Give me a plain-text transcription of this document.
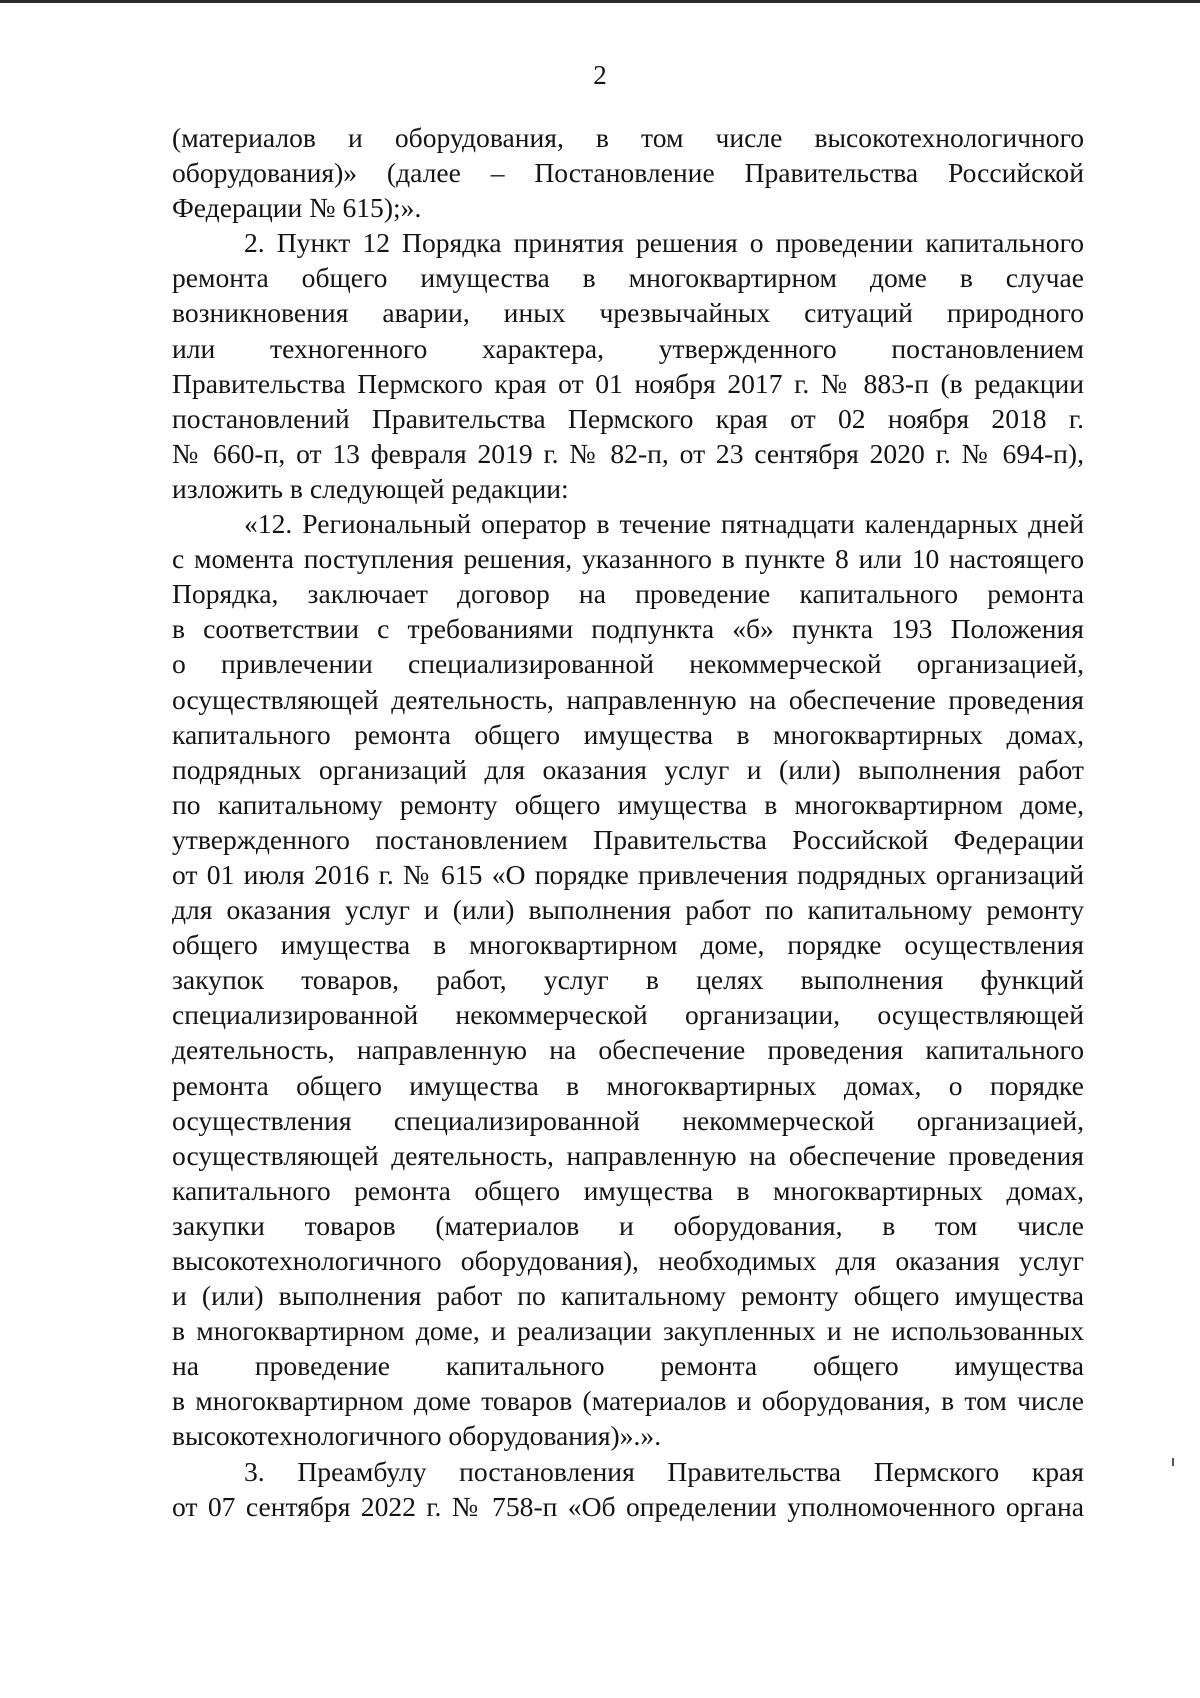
2

(материалов и оборудования, в том числе высокотехнологичного

оборудования)» (далее – Постановление Правительства Российской

Федерации № 615);».

2. Пункт 12 Порядка принятия решения о проведении капитального

ремонта общего имущества в многоквартирном доме в случае

возникновения аварии, иных чрезвычайных ситуаций природного

или техногенного характера, утвержденного постановлением

Правительства Пермского края от 01 ноября 2017 г. № 883-п (в редакции

постановлений Правительства Пермского края от 02 ноября 2018 г.

№ 660-п, от 13 февраля 2019 г. № 82-п, от 23 сентября 2020 г. № 694-п),

изложить в следующей редакции:

«12. Региональный оператор в течение пятнадцати календарных дней

с момента поступления решения, указанного в пункте 8 или 10 настоящего

Порядка, заключает договор на проведение капитального ремонта

в соответствии с требованиями подпункта «б» пункта 193 Положения

о привлечении специализированной некоммерческой организацией,

осуществляющей деятельность, направленную на обеспечение проведения

капитального ремонта общего имущества в многоквартирных домах,

подрядных организаций для оказания услуг и (или) выполнения работ

по капитальному ремонту общего имущества в многоквартирном доме,

утвержденного постановлением Правительства Российской Федерации

от 01 июля 2016 г. № 615 «О порядке привлечения подрядных организаций

для оказания услуг и (или) выполнения работ по капитальному ремонту

общего имущества в многоквартирном доме, порядке осуществления

закупок товаров, работ, услуг в целях выполнения функций

специализированной некоммерческой организации, осуществляющей

деятельность, направленную на обеспечение проведения капитального

ремонта общего имущества в многоквартирных домах, о порядке

осуществления специализированной некоммерческой организацией,

осуществляющей деятельность, направленную на обеспечение проведения

капитального ремонта общего имущества в многоквартирных домах,

закупки товаров (материалов и оборудования, в том числе

высокотехнологичного оборудования), необходимых для оказания услуг

и (или) выполнения работ по капитальному ремонту общего имущества

в многоквартирном доме, и реализации закупленных и не использованных

на проведение капитального ремонта общего имущества

в многоквартирном доме товаров (материалов и оборудования, в том числе

высокотехнологичного оборудования)».».

3. Преамбулу постановления Правительства Пермского края

от 07 сентября 2022 г. № 758-п «Об определении уполномоченного органа
